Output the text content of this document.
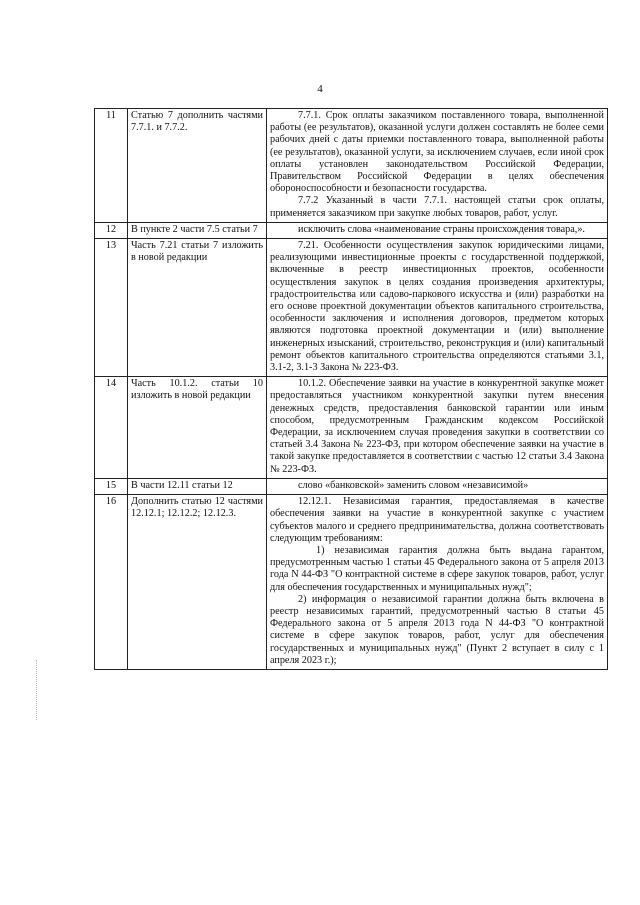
4
11	Статью 7 дополнить частями 7.7.1. и 7.7.2.	7.7.1. Срок оплаты заказчиком поставленного товара, выполненной работы (ее результатов), оказанной услуги должен составлять не более семи рабочих дней с даты приемки поставленного товара, выполненной работы (ее результатов), оказанной услуги, за исключением случаев, если иной срок оплаты установлен законодательством Российской Федерации, Правительством Российской Федерации в целях обеспечения обороноспособности и безопасности государства.

7.7.2 Указанный в части 7.7.1. настоящей статьи срок оплаты, применяется заказчиком при закупке любых товаров, работ, услуг.

12	В пункте 2 части 7.5 статьи 7	исключить слова «наименование страны происхождения товара,».

13	Часть 7.21 статьи 7 изложить в новой редакции	7.21. Особенности осуществления закупок юридическими лицами, реализующими инвестиционные проекты с государственной поддержкой, включенные в реестр инвестиционных проектов, особенности осуществления закупок в целях создания произведения архитектуры, градостроительства или садово-паркового искусства и (или) разработки на его основе проектной документации объектов капитального строительства, особенности заключения и исполнения договоров, предметом которых являются подготовка проектной документации и (или) выполнение инженерных изысканий, строительство, реконструкция и (или) капитальный ремонт объектов капитального строительства определяются статьями 3.1, 3.1-2, 3.1-3 Закона № 223-ФЗ.

14	Часть 10.1.2. статьи 10 изложить в новой редакции	10.1.2. Обеспечение заявки на участие в конкурентной закупке может предоставляться участником конкурентной закупки путем внесения денежных средств, предоставления банковской гарантии или иным способом, предусмотренным Гражданским кодексом Российской Федерации, за исключением случая проведения закупки в соответствии со статьей 3.4 Закона № 223-ФЗ, при котором обеспечение заявки на участие в такой закупке предоставляется в соответствии с частью 12 статьи 3.4 Закона № 223-ФЗ.

15	В части 12.11 статьи 12	слово «банковской» заменить словом «независимой»

16	Дополнить статью 12 частями 12.12.1; 12.12.2; 12.12.3.	12.12.1. Независимая гарантия, предоставляемая в качестве обеспечения заявки на участие в конкурентной закупке с участием субъектов малого и среднего предпринимательства, должна соответствовать следующим требованиям:

1) независимая гарантия должна быть выдана гарантом, предусмотренным частью 1 статьи 45 Федерального закона от 5 апреля 2013 года N 44-ФЗ "О контрактной системе в сфере закупок товаров, работ, услуг для обеспечения государственных и муниципальных нужд";

2) информация о независимой гарантии должна быть включена в реестр независимых гарантий, предусмотренный частью 8 статьи 45 Федерального закона от 5 апреля 2013 года N 44-ФЗ "О контрактной системе в сфере закупок товаров, работ, услуг для обеспечения государственных и муниципальных нужд" (Пункт 2 вступает в силу с 1 апреля 2023 г.);
